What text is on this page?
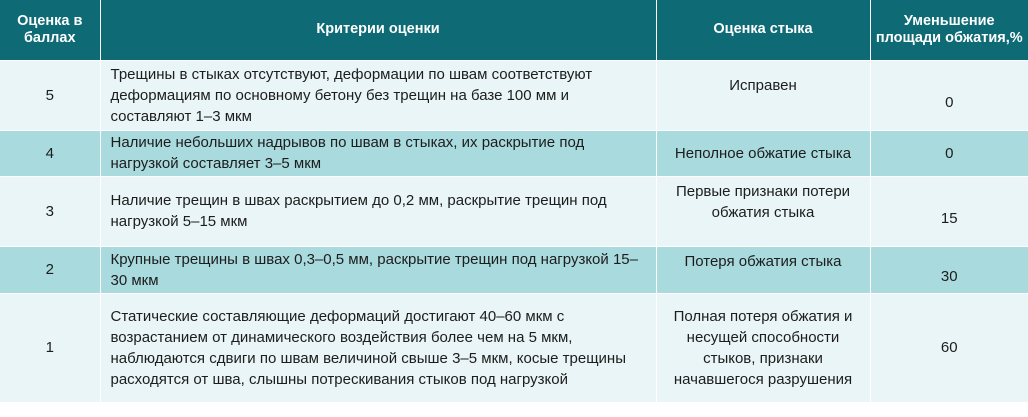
Оценка в баллах	Критерии оценки	Оценка стыка	Уменьшение площади обжатия,%
5	Трещины в стыках отсутствуют, деформации по швам соответствуют деформациям по основному бетону без трещин на базе 100 мм и составляют 1–3 мкм	Исправен	0
4	Наличие небольших надрывов по швам в стыках, их раскрытие под нагрузкой составляет 3–5 мкм	Неполное обжатие стыка	0
3	Наличие трещин в швах раскрытием до 0,2 мм, раскрытие трещин под нагрузкой 5–15 мкм	Первые признаки потери обжатия стыка	15
2	Крупные трещины в швах 0,3–0,5 мм, раскрытие трещин под нагрузкой 15–30 мкм	Потеря обжатия стыка	30
1	Статические составляющие деформаций достигают 40–60 мкм с возрастанием от динамического воздействия более чем на 5 мкм, наблюдаются сдвиги по швам величиной свыше 3–5 мкм, косые трещины расходятся от шва, слышны потрескивания стыков под нагрузкой	Полная потеря обжатия и несущей способности стыков, признаки начавшегося разрушения	60
